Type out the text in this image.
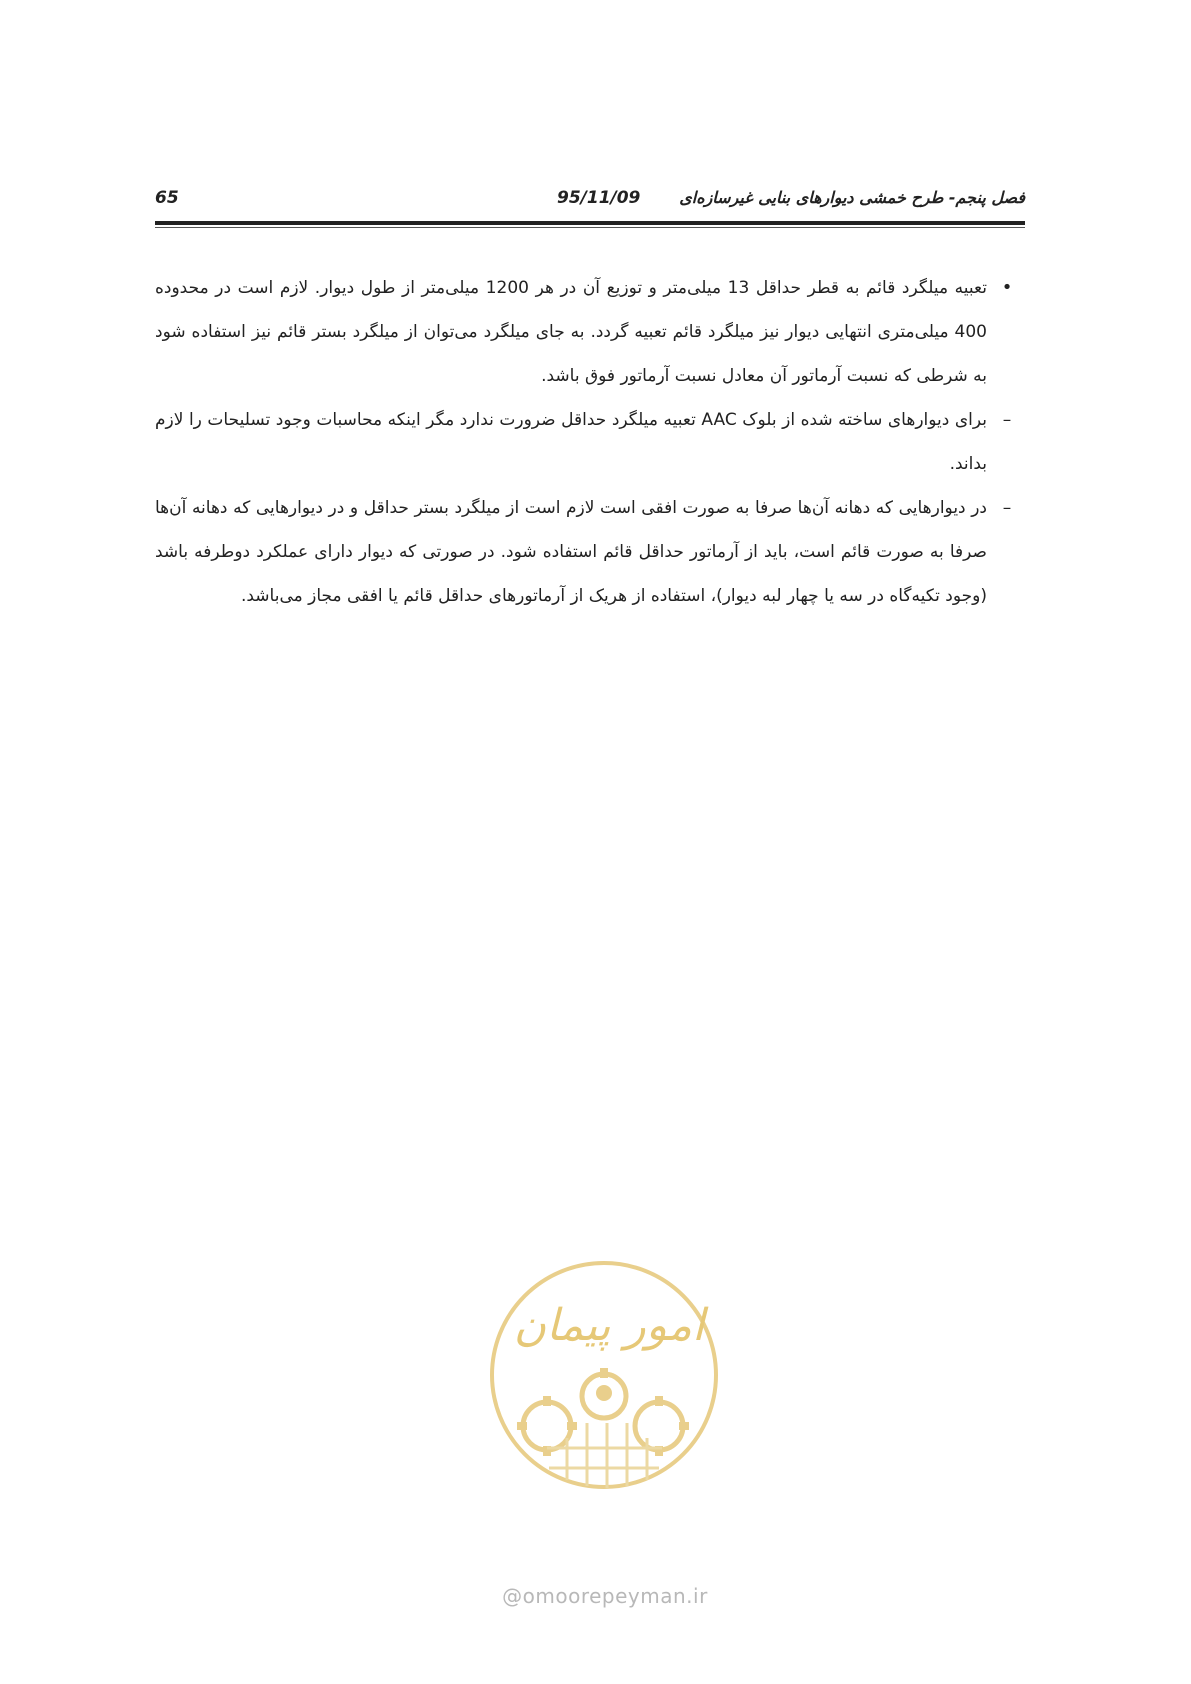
65	95/11/09 فصل پنجم- طرح خمشی دیوارهای بنایی غیرسازه‌ای
•
تعبیه میلگرد قائم به قطر حداقل 13 میلی‌متر و توزیع آن در هر 1200 میلی‌متر از طول دیوار. لازم است در محدوده 400 میلی‌متری انتهایی دیوار نیز میلگرد قائم تعبیه گردد. به جای میلگرد می‌توان از میلگرد بستر قائم نیز استفاده شود به شرطی که نسبت آرماتور آن معادل نسبت آرماتور فوق باشد.
–
برای دیوارهای ساخته شده از بلوک AAC تعبیه میلگرد حداقل ضرورت ندارد مگر اینکه محاسبات وجود تسلیحات را لازم بداند.
–
در دیوارهایی که دهانه آن‌ها صرفا به صورت افقی است لازم است از میلگرد بستر حداقل و در دیوارهایی که دهانه آن‌ها صرفا به صورت قائم است، باید از آرماتور حداقل قائم استفاده شود. در صورتی که دیوار دارای عملکرد دوطرفه باشد (وجود تکیه‌گاه در سه یا چهار لبه دیوار)، استفاده از هریک از آرماتورهای حداقل قائم یا افقی مجاز می‌باشد.
امور پیمان
@omoorepeyman.ir
